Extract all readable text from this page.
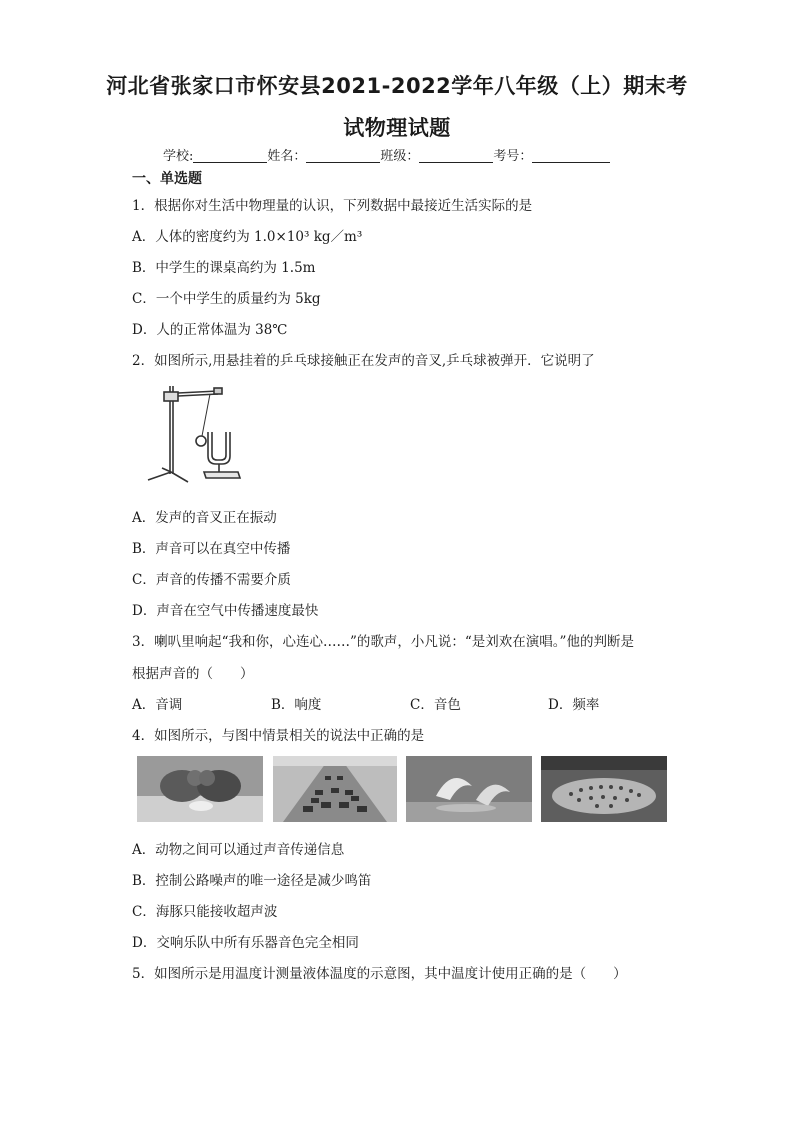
河北省张家口市怀安县2021-2022学年八年级（上）期末考
试物理试题
学校:	姓名：	班级：	考号：
一、单选题
1．根据你对生活中物理量的认识，下列数据中最接近生活实际的是
A．人体的密度约为 1.0×10³ kg／m³
B．中学生的课桌高约为 1.5m
C．一个中学生的质量约为 5kg
D．人的正常体温为 38℃
2．如图所示,用悬挂着的乒乓球接触正在发声的音叉,乒乓球被弹开．它说明了
A．发声的音叉正在振动
B．声音可以在真空中传播
C．声音的传播不需要介质
D．声音在空气中传播速度最快
3．喇叭里响起“我和你，心连心……”的歌声，小凡说：“是刘欢在演唱。”他的判断是
根据声音的（　　）
A．音调	B．响度	C．音色	D．频率
4．如图所示，与图中情景相关的说法中正确的是
A．动物之间可以通过声音传递信息
B．控制公路噪声的唯一途径是减少鸣笛
C．海豚只能接收超声波
D．交响乐队中所有乐器音色完全相同
5．如图所示是用温度计测量液体温度的示意图，其中温度计使用正确的是（　　）
